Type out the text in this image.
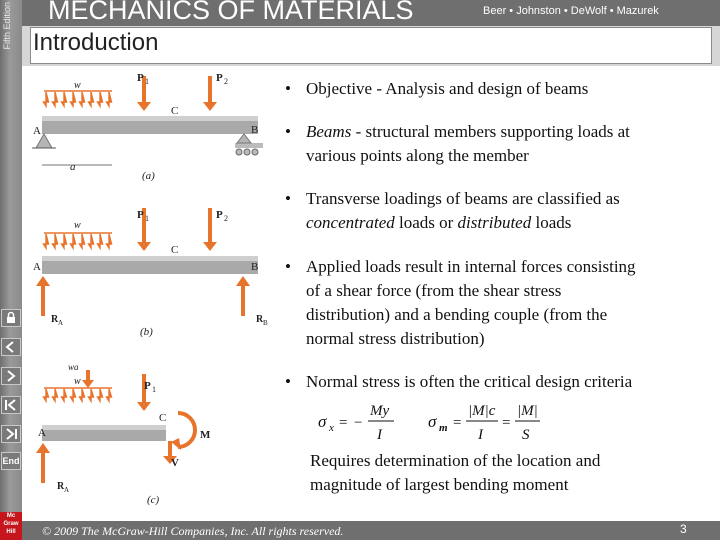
Fifth Edition
End
Mc
Graw
Hill
MECHANICS OF MATERIALS	Beer • Johnston • DeWolf • Mazurek
Introduction
a
w
P 1	P 2
C
A	B
(a)
w
P 1	P 2
C
A	B
R A	R B
(b)
wa
w	P 1
C
A	M
V
R A
(c)
• Objective - Analysis and design of beams
• Beams - structural members supporting loads at
various points along the member
• Transverse loadings of beams are classified as
concentrated loads or distributed loads
• Applied loads result in internal forces consisting
of a shear force (from the shear stress
distribution) and a bending couple (from the
normal stress distribution)
• Normal stress is often the critical design criteria
σ x = −
My
I
σ m =
|M|c
I
=
|M|
S
Requires determination of the location and
magnitude of largest bending moment
© 2009 The McGraw-Hill Companies, Inc. All rights reserved.	3
